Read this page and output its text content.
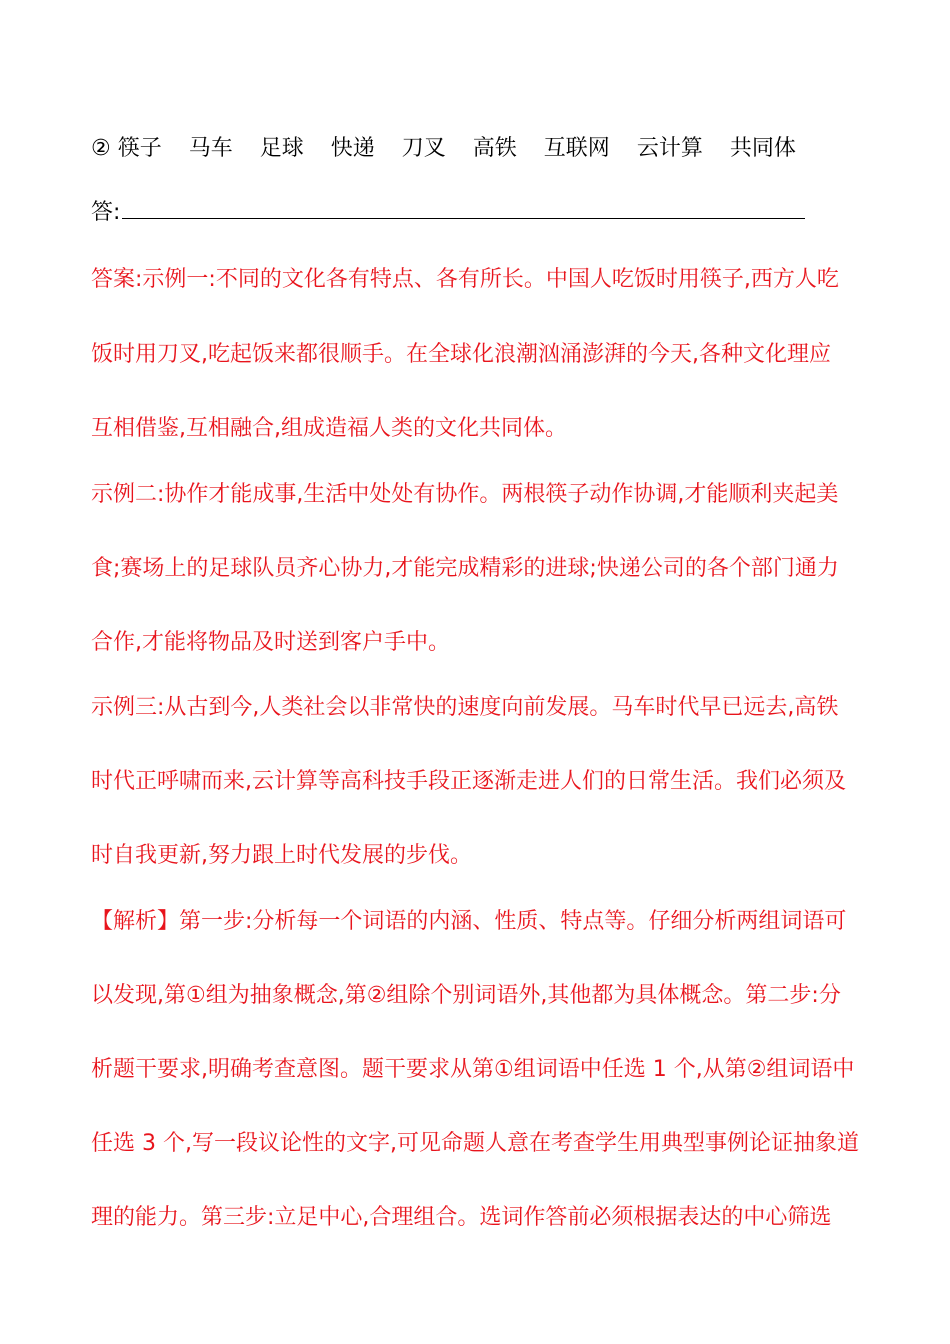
② 筷子 马车 足球 快递 刀叉 高铁 互联网 云计算 共同体
答:
答案:示例一:不同的文化各有特点、各有所长。中国人吃饭时用筷子,西方人吃
饭时用刀叉,吃起饭来都很顺手。在全球化浪潮汹涌澎湃的今天,各种文化理应
互相借鉴,互相融合,组成造福人类的文化共同体。
示例二:协作才能成事,生活中处处有协作。两根筷子动作协调,才能顺利夹起美
食;赛场上的足球队员齐心协力,才能完成精彩的进球;快递公司的各个部门通力
合作,才能将物品及时送到客户手中。
示例三:从古到今,人类社会以非常快的速度向前发展。马车时代早已远去,高铁
时代正呼啸而来,云计算等高科技手段正逐渐走进人们的日常生活。我们必须及
时自我更新,努力跟上时代发展的步伐。
【解析】第一步:分析每一个词语的内涵、性质、特点等。仔细分析两组词语可
以发现,第①组为抽象概念,第②组除个别词语外,其他都为具体概念。第二步:分
析题干要求,明确考查意图。题干要求从第①组词语中任选 1 个,从第②组词语中
任选 3 个,写一段议论性的文字,可见命题人意在考查学生用典型事例论证抽象道
理的能力。第三步:立足中心,合理组合。选词作答前必须根据表达的中心筛选
